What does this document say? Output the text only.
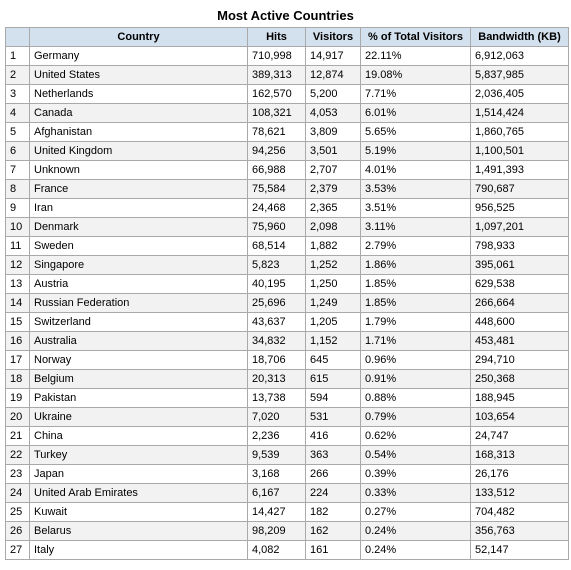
Most Active Countries
	Country	Hits	Visitors	% of Total Visitors	Bandwidth (KB)
1	Germany	710,998	14,917	22.11%	6,912,063
2	United States	389,313	12,874	19.08%	5,837,985
3	Netherlands	162,570	5,200	7.71%	2,036,405
4	Canada	108,321	4,053	6.01%	1,514,424
5	Afghanistan	78,621	3,809	5.65%	1,860,765
6	United Kingdom	94,256	3,501	5.19%	1,100,501
7	Unknown	66,988	2,707	4.01%	1,491,393
8	France	75,584	2,379	3.53%	790,687
9	Iran	24,468	2,365	3.51%	956,525
10	Denmark	75,960	2,098	3.11%	1,097,201
11	Sweden	68,514	1,882	2.79%	798,933
12	Singapore	5,823	1,252	1.86%	395,061
13	Austria	40,195	1,250	1.85%	629,538
14	Russian Federation	25,696	1,249	1.85%	266,664
15	Switzerland	43,637	1,205	1.79%	448,600
16	Australia	34,832	1,152	1.71%	453,481
17	Norway	18,706	645	0.96%	294,710
18	Belgium	20,313	615	0.91%	250,368
19	Pakistan	13,738	594	0.88%	188,945
20	Ukraine	7,020	531	0.79%	103,654
21	China	2,236	416	0.62%	24,747
22	Turkey	9,539	363	0.54%	168,313
23	Japan	3,168	266	0.39%	26,176
24	United Arab Emirates	6,167	224	0.33%	133,512
25	Kuwait	14,427	182	0.27%	704,482
26	Belarus	98,209	162	0.24%	356,763
27	Italy	4,082	161	0.24%	52,147
